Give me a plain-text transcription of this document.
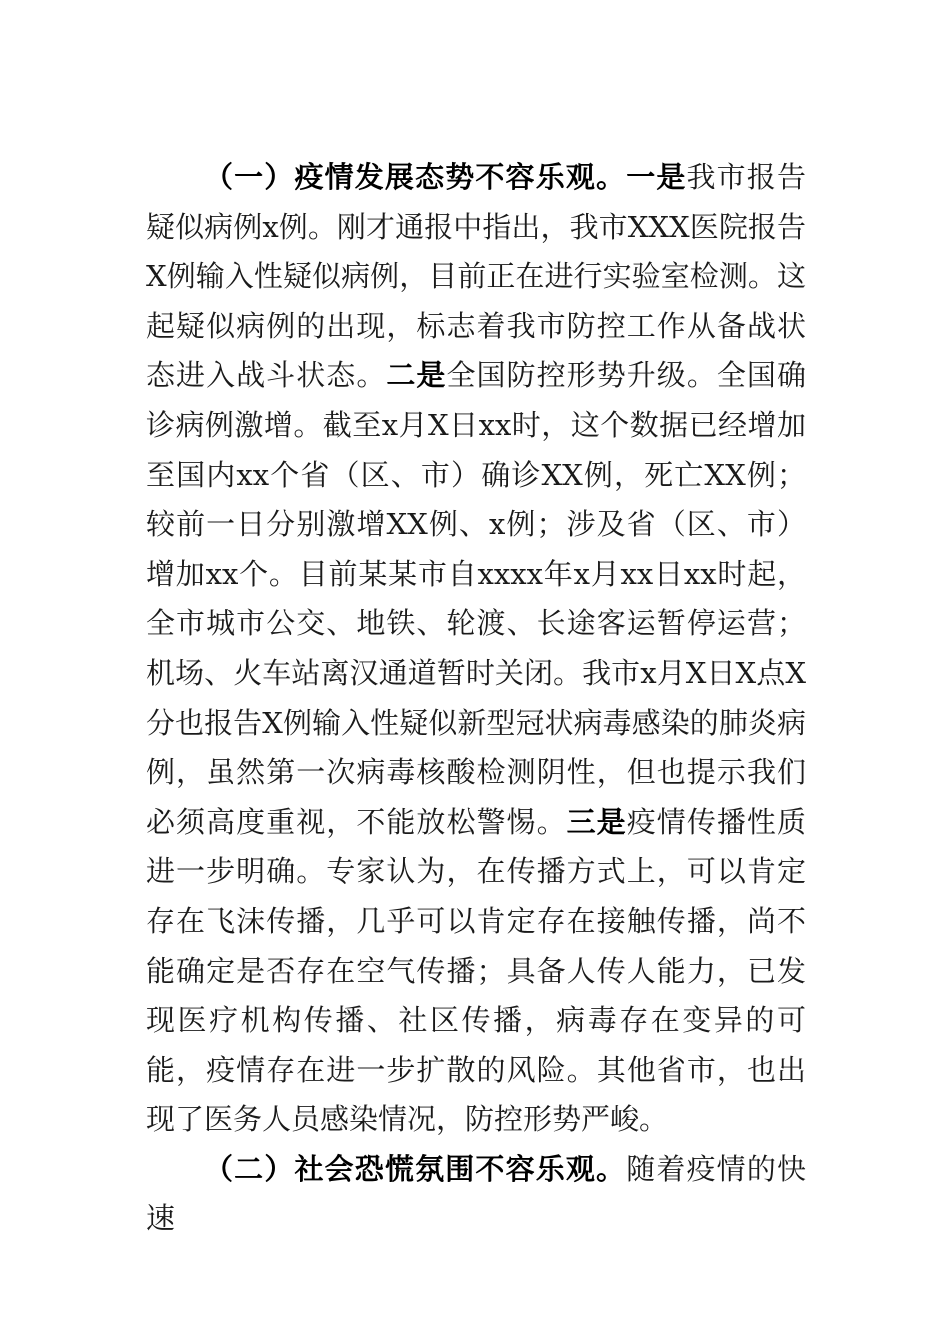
（一）疫情发展态势不容乐观。一是我市报告疑似病例x例。刚才通报中指出，我市XXX医院报告X例输入性疑似病例，目前正在进行实验室检测。这起疑似病例的出现，标志着我市防控工作从备战状态进入战斗状态。二是全国防控形势升级。全国确诊病例激增。截至x月X日xx时，这个数据已经增加至国内xx个省（区、市）确诊XX例，死亡XX例；较前一日分别激增XX例、x例；涉及省（区、市）增加xx个。目前某某市自xxxx年x月xx日xx时起，全市城市公交、地铁、轮渡、长途客运暂停运营；机场、火车站离汉通道暂时关闭。我市x月X日X点X分也报告X例输入性疑似新型冠状病毒感染的肺炎病例，虽然第一次病毒核酸检测阴性，但也提示我们必须高度重视，不能放松警惕。三是疫情传播性质进一步明确。专家认为，在传播方式上，可以肯定存在飞沫传播，几乎可以肯定存在接触传播，尚不能确定是否存在空气传播；具备人传人能力，已发现医疗机构传播、社区传播，病毒存在变异的可能，疫情存在进一步扩散的风险。其他省市，也出现了医务人员感染情况，防控形势严峻。

（二）社会恐慌氛围不容乐观。随着疫情的快速
